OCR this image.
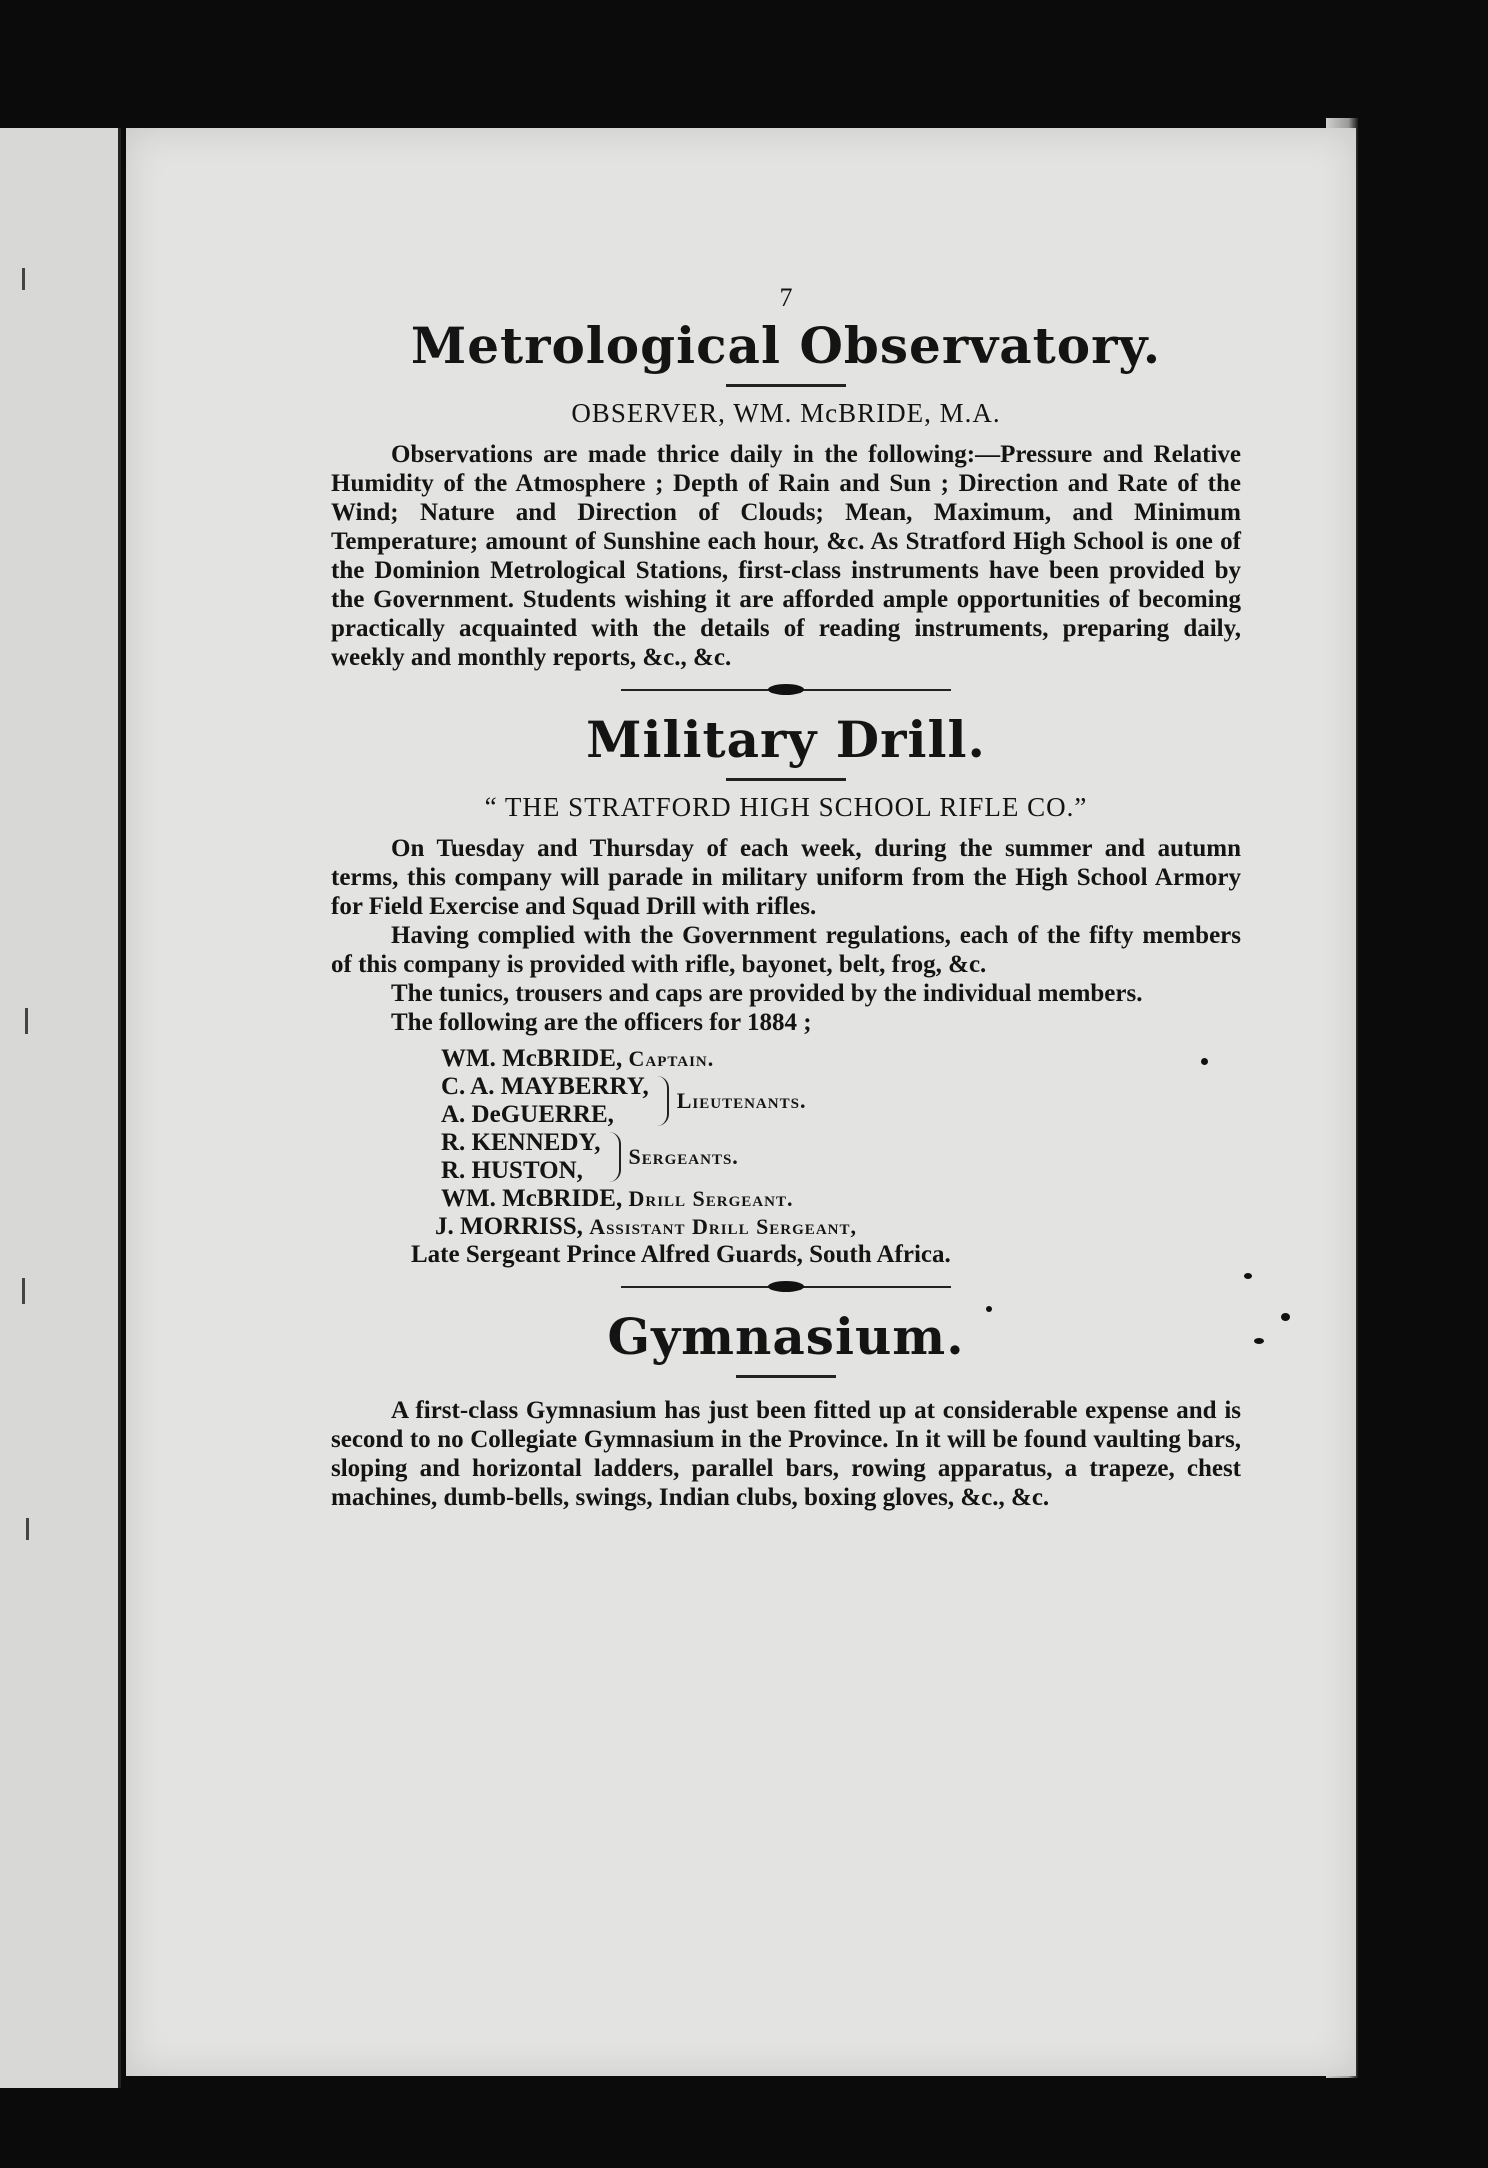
7
Metrological Observatory.
OBSERVER, WM. McBRIDE, M.A.

Observations are made thrice daily in the following:—Pressure and Relative Humidity of the Atmosphere ; Depth of Rain and Sun ; Direction and Rate of the Wind; Nature and Direction of Clouds; Mean, Maximum, and Minimum Temperature; amount of Sunshine each hour, &c. As Stratford High School is one of the Dominion Metrological Stations, first-class instruments have been provided by the Government. Students wishing it are afforded ample opportunities of becoming practically acquainted with the details of reading instruments, preparing daily, weekly and monthly reports, &c., &c.

Military Drill.
“ THE STRATFORD HIGH SCHOOL RIFLE CO.”

On Tuesday and Thursday of each week, during the summer and autumn terms, this company will parade in military uniform from the High School Armory for Field Exercise and Squad Drill with rifles.

Having complied with the Government regulations, each of the fifty members of this company is provided with rifle, bayonet, belt, frog, &c.

The tunics, trousers and caps are provided by the individual members.

The following are the officers for 1884 ;

WM. McBRIDE, Captain.
C. A. MAYBERRY,
A. DeGUERRE,
Lieutenants.
R. KENNEDY,
R. HUSTON,
Sergeants.
WM. McBRIDE, Drill Sergeant.
J. MORRISS, Assistant Drill Sergeant,
Late Sergeant Prince Alfred Guards, South Africa.
Gymnasium.

A first-class Gymnasium has just been fitted up at considerable expense and is second to no Collegiate Gymnasium in the Province. In it will be found vaulting bars, sloping and horizontal ladders, parallel bars, rowing apparatus, a trapeze, chest machines, dumb-bells, swings, Indian clubs, boxing gloves, &c., &c.
